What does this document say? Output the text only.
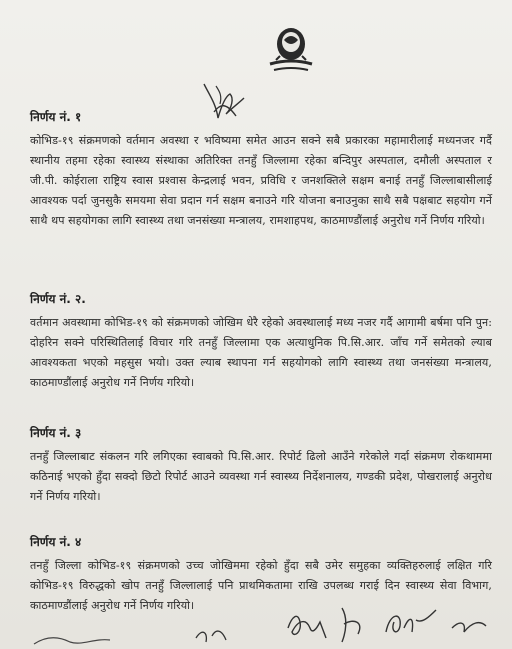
निर्णय नं. १

कोभिड-१९ संक्रमणको वर्तमान अवस्था र भविष्यमा समेत आउन सक्ने सबै प्रकारका महामारीलाई मध्यनजर गर्दै स्थानीय तहमा रहेका स्वास्थ्य संस्थाका अतिरिक्त तनहुँ जिल्लामा रहेका बन्दिपुर अस्पताल, दमौली अस्पताल र जी.पी. कोईराला राष्ट्रिय स्वास प्रश्वास केन्द्रलाई भवन, प्रविधि र जनशक्तिले सक्षम बनाई तनहुँ जिल्लाबासीलाई आवश्यक पर्दा जुनसुकै समयमा सेवा प्रदान गर्न सक्षम बनाउने गरि योजना बनाउनुका साथै सबै पक्षबाट सहयोग गर्ने साथै थप सहयोगका लागि स्वास्थ्य तथा जनसंख्या मन्त्रालय, रामशाहपथ, काठमाण्डौंलाई अनुरोध गर्ने निर्णय गरियो।

निर्णय नं. २.

वर्तमान अवस्थामा कोभिड-१९ को संक्रमणको जोखिम धेरै रहेको अवस्थालाई मध्य नजर गर्दै आगामी बर्षमा पनि पुन: दोहरिन सक्ने परिस्थितिलाई विचार गरि तनहुँ जिल्लामा एक अत्याधुनिक पि.सि.आर. जाँच गर्ने समेतको ल्याब आवश्यकता भएको महसुस भयो। उक्त ल्याब स्थापना गर्न सहयोगको लागि स्वास्थ्य तथा जनसंख्या मन्त्रालय, काठमाण्डौंलाई अनुरोध गर्ने निर्णय गरियो।

निर्णय नं. ३

तनहुँ जिल्लाबाट संकलन गरि लगिएका स्वाबको पि.सि.आर. रिपोर्ट ढिलो आउँने गरेकोले गर्दा संक्रमण रोकथाममा कठिनाई भएको हुँदा सक्दो छिटो रिपोर्ट आउने व्यवस्था गर्न स्वास्थ्य निर्देशनालय, गण्डकी प्रदेश, पोखरालाई अनुरोध गर्ने निर्णय गरियो।

निर्णय नं. ४

तनहुँ जिल्ला कोभिड-१९ संक्रमणको उच्च जोखिममा रहेको हुँदा सबै उमेर समुहका व्यक्तिहरुलाई लक्षित गरि कोभिड-१९ विरुद्धको खोप तनहुँ जिल्लालाई पनि प्राथमिकतामा राखि उपलब्ध गराई दिन स्वास्थ्य सेवा विभाग, काठमाण्डौंलाई अनुरोध गर्ने निर्णय गरियो।
